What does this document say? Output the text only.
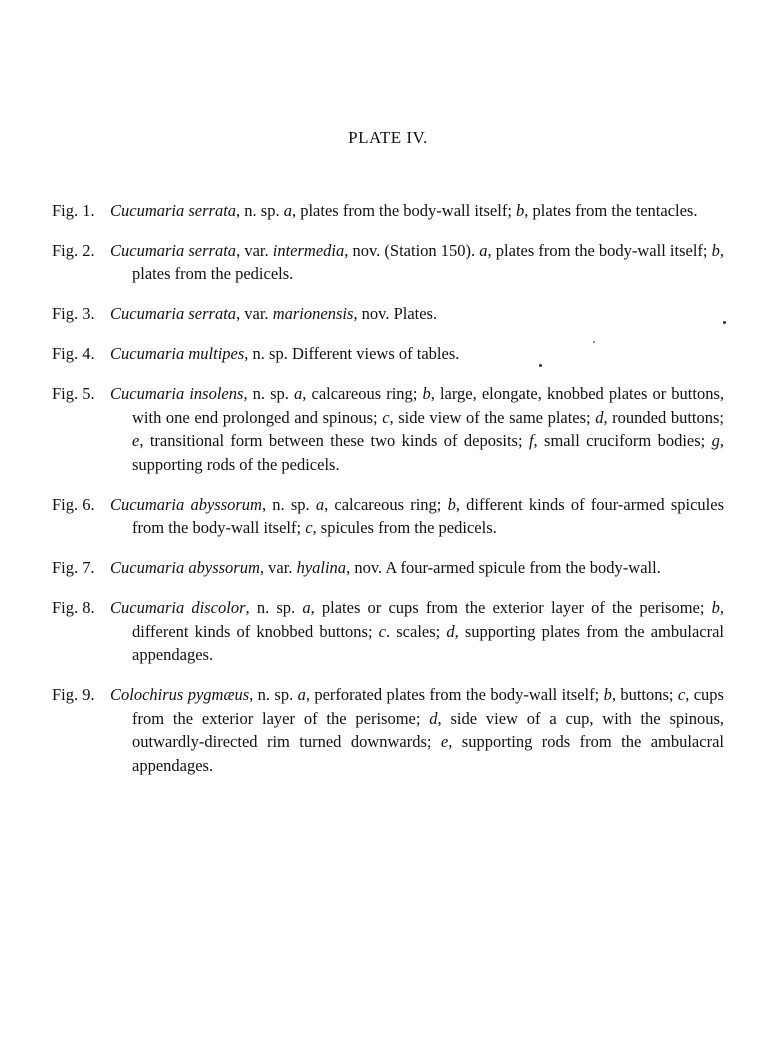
PLATE IV.

Fig. 1. Cucumaria serrata, n. sp. a, plates from the body-wall itself; b, plates from the tentacles.

Fig. 2. Cucumaria serrata, var. intermedia, nov. (Station 150). a, plates from the body-wall itself; b, plates from the pedicels.

Fig. 3. Cucumaria serrata, var. marionensis, nov. Plates.

Fig. 4. Cucumaria multipes, n. sp. Different views of tables.

Fig. 5. Cucumaria insolens, n. sp. a, calcareous ring; b, large, elongate, knobbed plates or buttons, with one end prolonged and spinous; c, side view of the same plates; d, rounded buttons; e, transitional form between these two kinds of deposits; f, small cruciform bodies; g, supporting rods of the pedicels.

Fig. 6. Cucumaria abyssorum, n. sp. a, calcareous ring; b, different kinds of four-armed spicules from the body-wall itself; c, spicules from the pedicels.

Fig. 7. Cucumaria abyssorum, var. hyalina, nov. A four-armed spicule from the body-wall.

Fig. 8. Cucumaria discolor, n. sp. a, plates or cups from the exterior layer of the perisome; b, different kinds of knobbed buttons; c. scales; d, supporting plates from the ambulacral appendages.

Fig. 9. Colochirus pygmæus, n. sp. a, perforated plates from the body-wall itself; b, buttons; c, cups from the exterior layer of the perisome; d, side view of a cup, with the spinous, outwardly-directed rim turned downwards; e, supporting rods from the ambulacral appendages.
